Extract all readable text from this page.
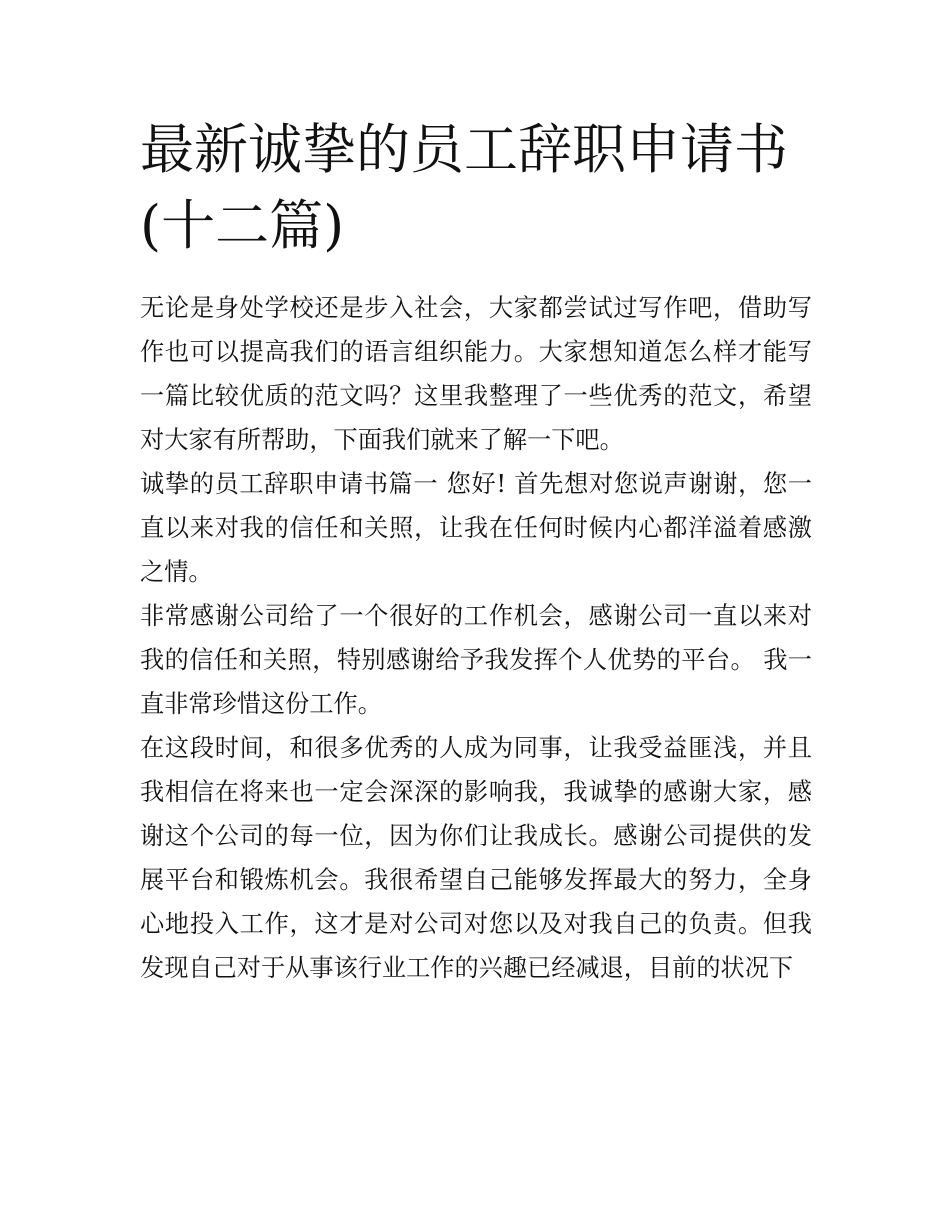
最新诚挚的员工辞职申请书(十二篇)

无论是身处学校还是步入社会，大家都尝试过写作吧，借助写作也可以提高我们的语言组织能力。大家想知道怎么样才能写一篇比较优质的范文吗？这里我整理了一些优秀的范文，希望对大家有所帮助，下面我们就来了解一下吧。

诚挚的员工辞职申请书篇一 您好! 首先想对您说声谢谢，您一直以来对我的信任和关照，让我在任何时候内心都洋溢着感激之情。

非常感谢公司给了一个很好的工作机会，感谢公司一直以来对我的信任和关照，特别感谢给予我发挥个人优势的平台。 我一直非常珍惜这份工作。

在这段时间，和很多优秀的人成为同事，让我受益匪浅，并且我相信在将来也一定会深深的影响我，我诚挚的感谢大家，感谢这个公司的每一位，因为你们让我成长。感谢公司提供的发展平台和锻炼机会。我很希望自己能够发挥最大的努力，全身心地投入工作，这才是对公司对您以及对我自己的负责。但我发现自己对于从事该行业工作的兴趣已经减退，目前的状况下
